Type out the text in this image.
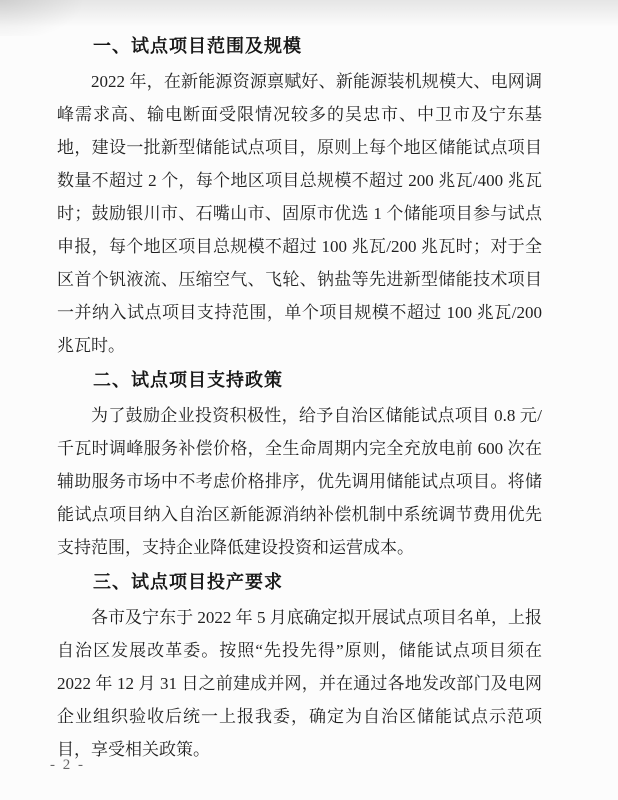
一、试点项目范围及规模

2022 年，在新能源资源禀赋好、新能源装机规模大、电网调峰需求高、输电断面受限情况较多的吴忠市、中卫市及宁东基地，建设一批新型储能试点项目，原则上每个地区储能试点项目数量不超过 2 个，每个地区项目总规模不超过 200 兆瓦/400 兆瓦时；鼓励银川市、石嘴山市、固原市优选 1 个储能项目参与试点申报，每个地区项目总规模不超过 100 兆瓦/200 兆瓦时；对于全区首个钒液流、压缩空气、飞轮、钠盐等先进新型储能技术项目一并纳入试点项目支持范围，单个项目规模不超过 100 兆瓦/200 兆瓦时。

二、试点项目支持政策

为了鼓励企业投资积极性，给予自治区储能试点项目 0.8 元/千瓦时调峰服务补偿价格，全生命周期内完全充放电前 600 次在辅助服务市场中不考虑价格排序，优先调用储能试点项目。将储能试点项目纳入自治区新能源消纳补偿机制中系统调节费用优先支持范围，支持企业降低建设投资和运营成本。

三、试点项目投产要求

各市及宁东于 2022 年 5 月底确定拟开展试点项目名单，上报自治区发展改革委。按照“先投先得”原则，储能试点项目须在 2022 年 12 月 31 日之前建成并网，并在通过各地发改部门及电网企业组织验收后统一上报我委，确定为自治区储能试点示范项目，享受相关政策。

- 2 -
